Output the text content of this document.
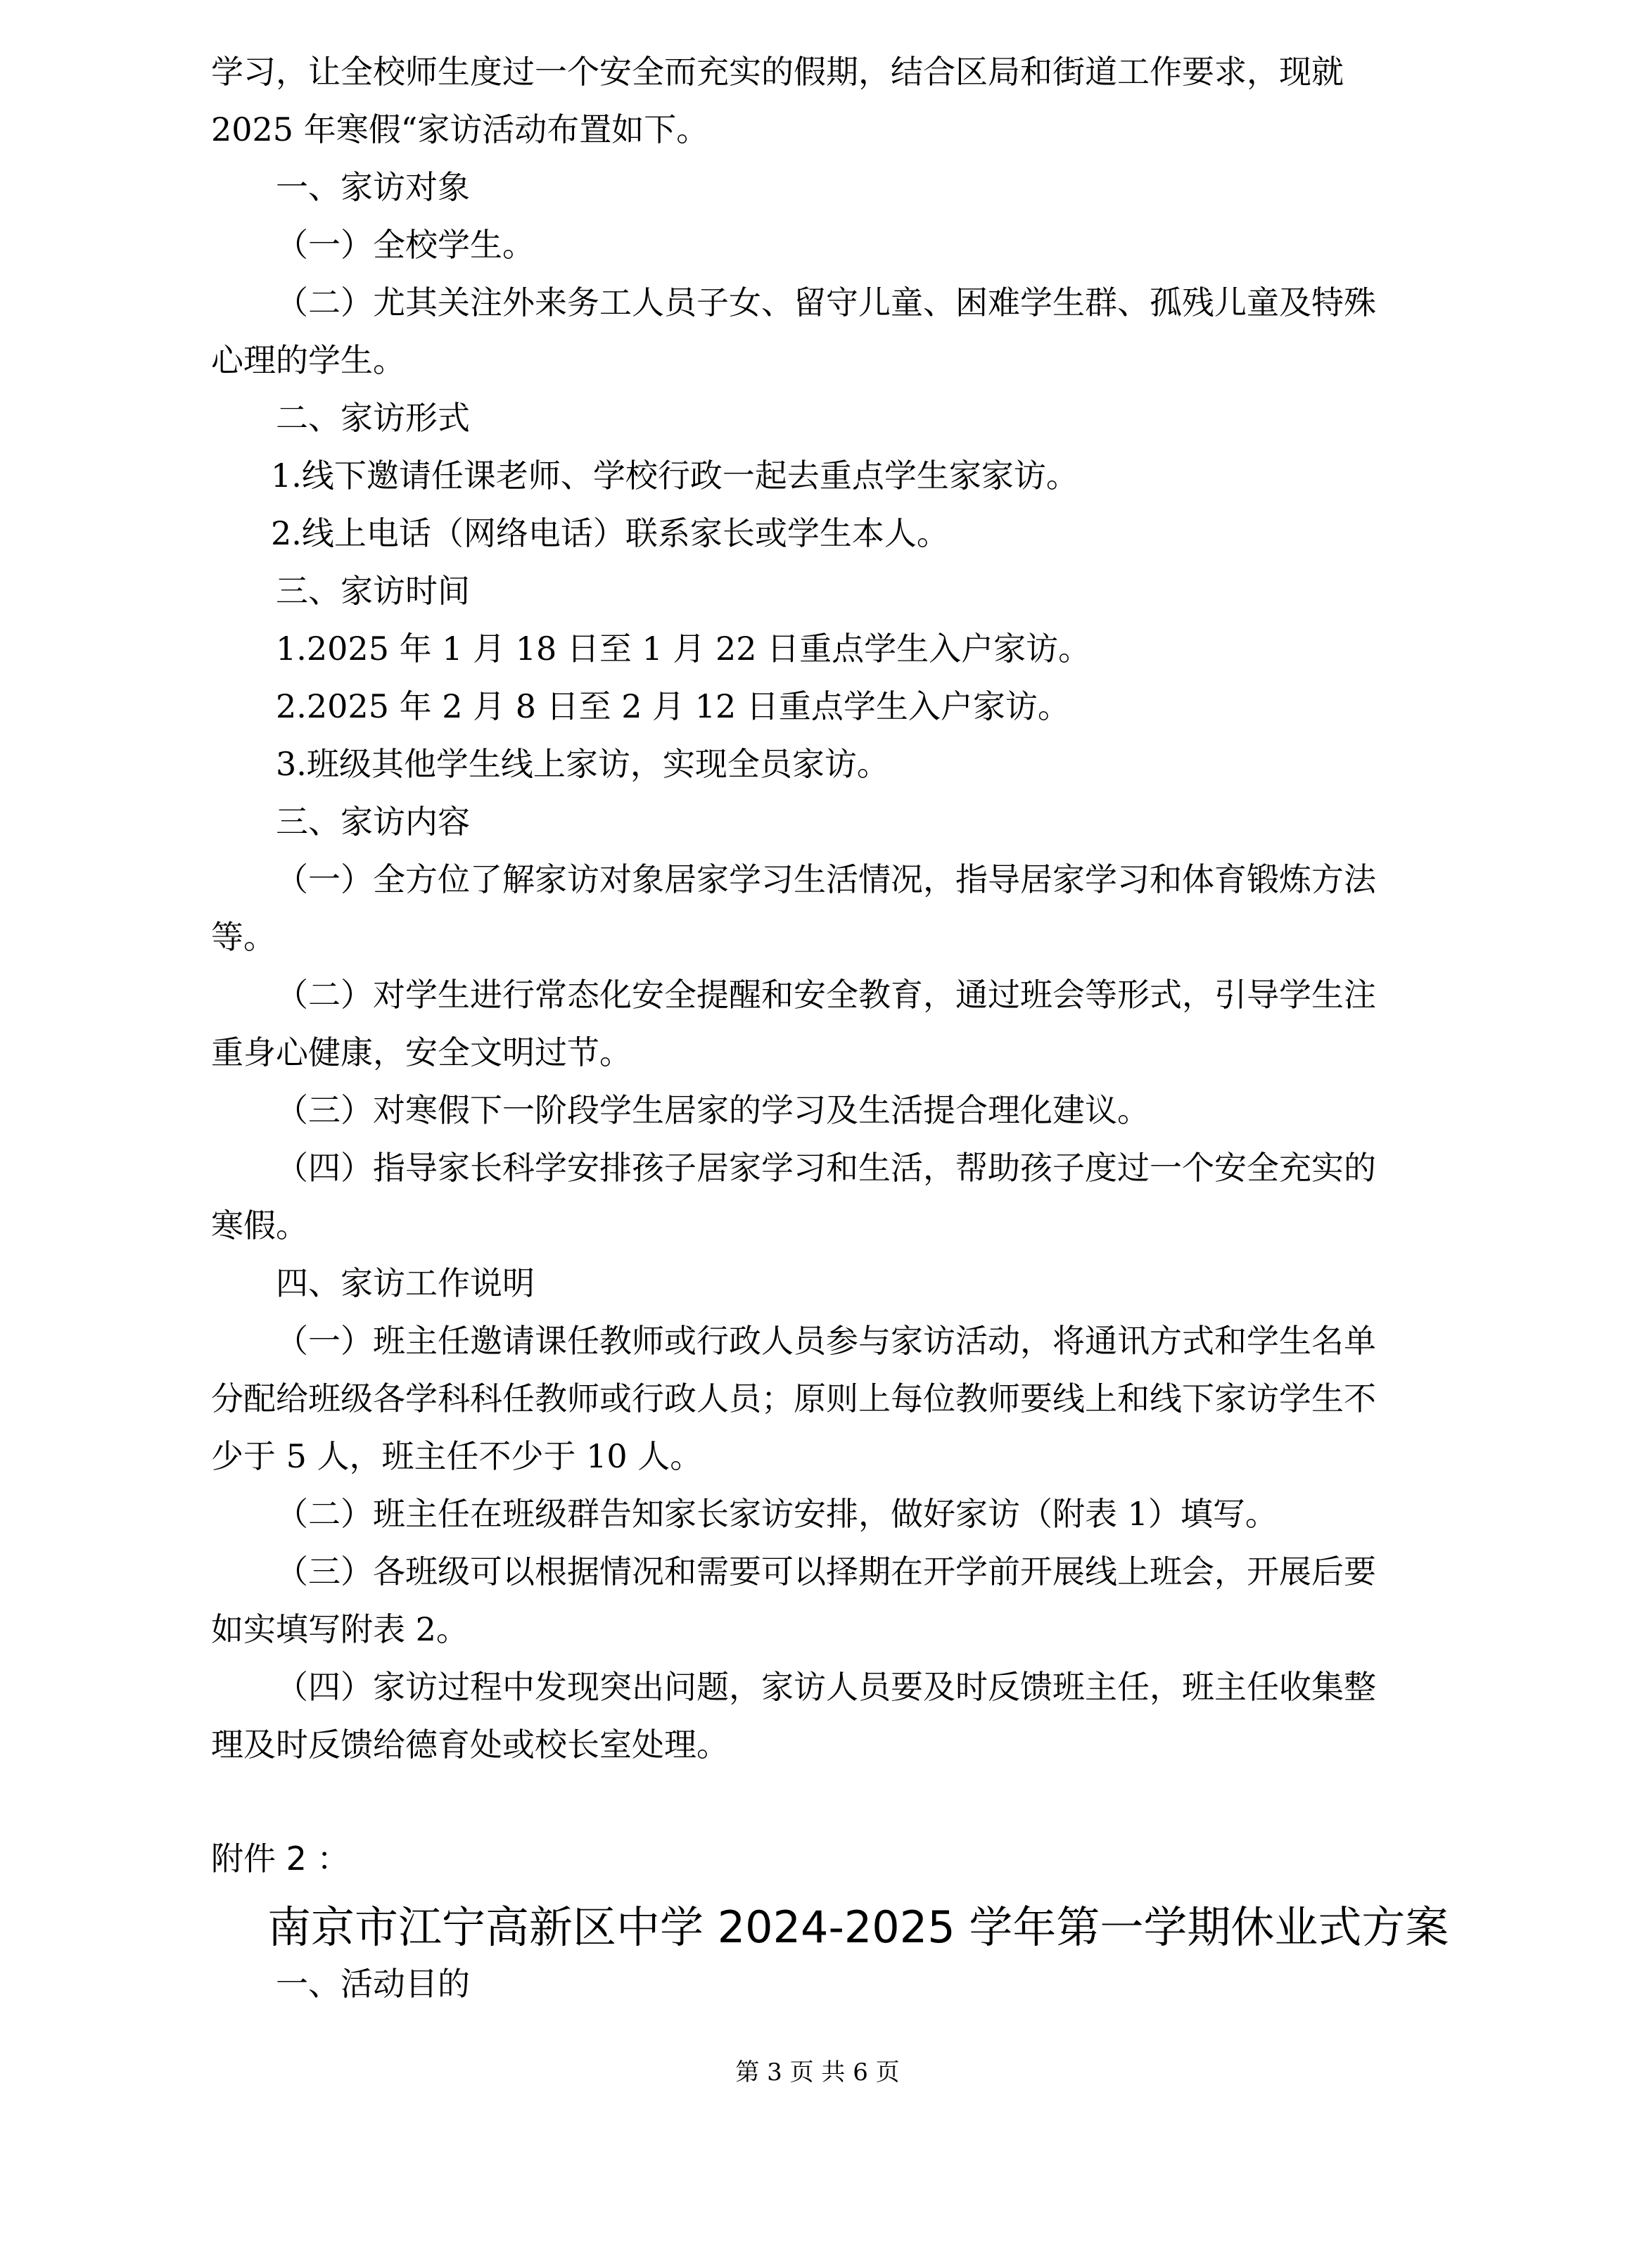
学习，让全校师生度过一个安全而充实的假期，结合区局和街道工作要求，现就

2025 年寒假“家访活动布置如下。

一、家访对象

（一）全校学生。

（二）尤其关注外来务工人员子女、留守儿童、困难学生群、孤残儿童及特殊

心理的学生。

二、家访形式

1.线下邀请任课老师、学校行政一起去重点学生家家访。

2.线上电话（网络电话）联系家长或学生本人。

三、家访时间

1.2025 年 1 月 18 日至 1 月 22 日重点学生入户家访。

2.2025 年 2 月 8 日至 2 月 12 日重点学生入户家访。

3.班级其他学生线上家访，实现全员家访。

三、家访内容

（一）全方位了解家访对象居家学习生活情况，指导居家学习和体育锻炼方法

等。

（二）对学生进行常态化安全提醒和安全教育，通过班会等形式，引导学生注

重身心健康，安全文明过节。

（三）对寒假下一阶段学生居家的学习及生活提合理化建议。

（四）指导家长科学安排孩子居家学习和生活，帮助孩子度过一个安全充实的

寒假。

四、家访工作说明

（一）班主任邀请课任教师或行政人员参与家访活动，将通讯方式和学生名单

分配给班级各学科科任教师或行政人员；原则上每位教师要线上和线下家访学生不

少于 5 人，班主任不少于 10 人。

（二）班主任在班级群告知家长家访安排，做好家访（附表 1）填写。

（三）各班级可以根据情况和需要可以择期在开学前开展线上班会，开展后要

如实填写附表 2。

（四）家访过程中发现突出问题，家访人员要及时反馈班主任，班主任收集整

理及时反馈给德育处或校长室处理。

附件 2 ：

南京市江宁高新区中学 2024-2025 学年第一学期休业式方案

一、活动目的

第 3 页 共 6 页
